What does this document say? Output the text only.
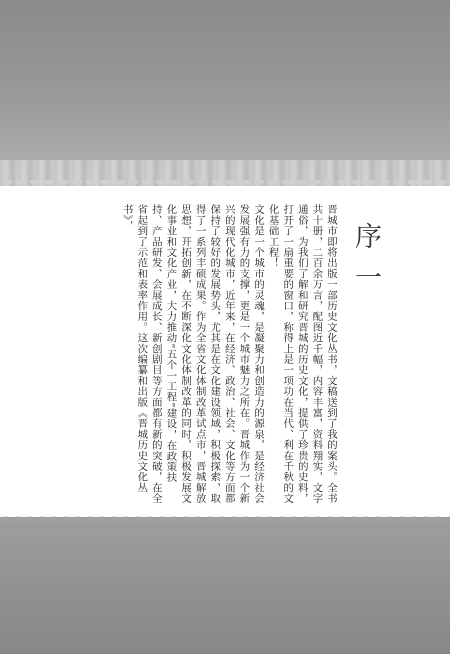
序一

晋城市即将出版一部历史文化丛书，文稿送到了我的案头。全书共十册，二百余万言，配图近千幅，内容丰富，资料翔实，文字通俗，为我们了解和研究晋城的历史文化，提供了珍贵的史料，打开了一扇重要的窗口，称得上是一项功在当代、利在千秋的文化基础工程！

文化是一个城市的灵魂，是凝聚力和创造力的源泉，是经济社会发展强有力的支撑，更是一个城市魅力之所在。晋城作为一个新兴的现代化城市，近年来，在经济、政治、社会、文化等方面都保持了较好的发展势头，尤其是在文化建设领域，积极探索，取得了一系列丰硕成果。作为全省文化体制改革试点市，晋城解放思想，开拓创新，在不断深化文化体制改革的同时，积极发展文化事业和文化产业，大力推动“五个一工程”建设，在政策扶持、产品研发、会展成长、新创剧目等方面都有新的突破，在全省起到了示范和表率作用。这次编纂和出版《晋城历史文化丛书》，
